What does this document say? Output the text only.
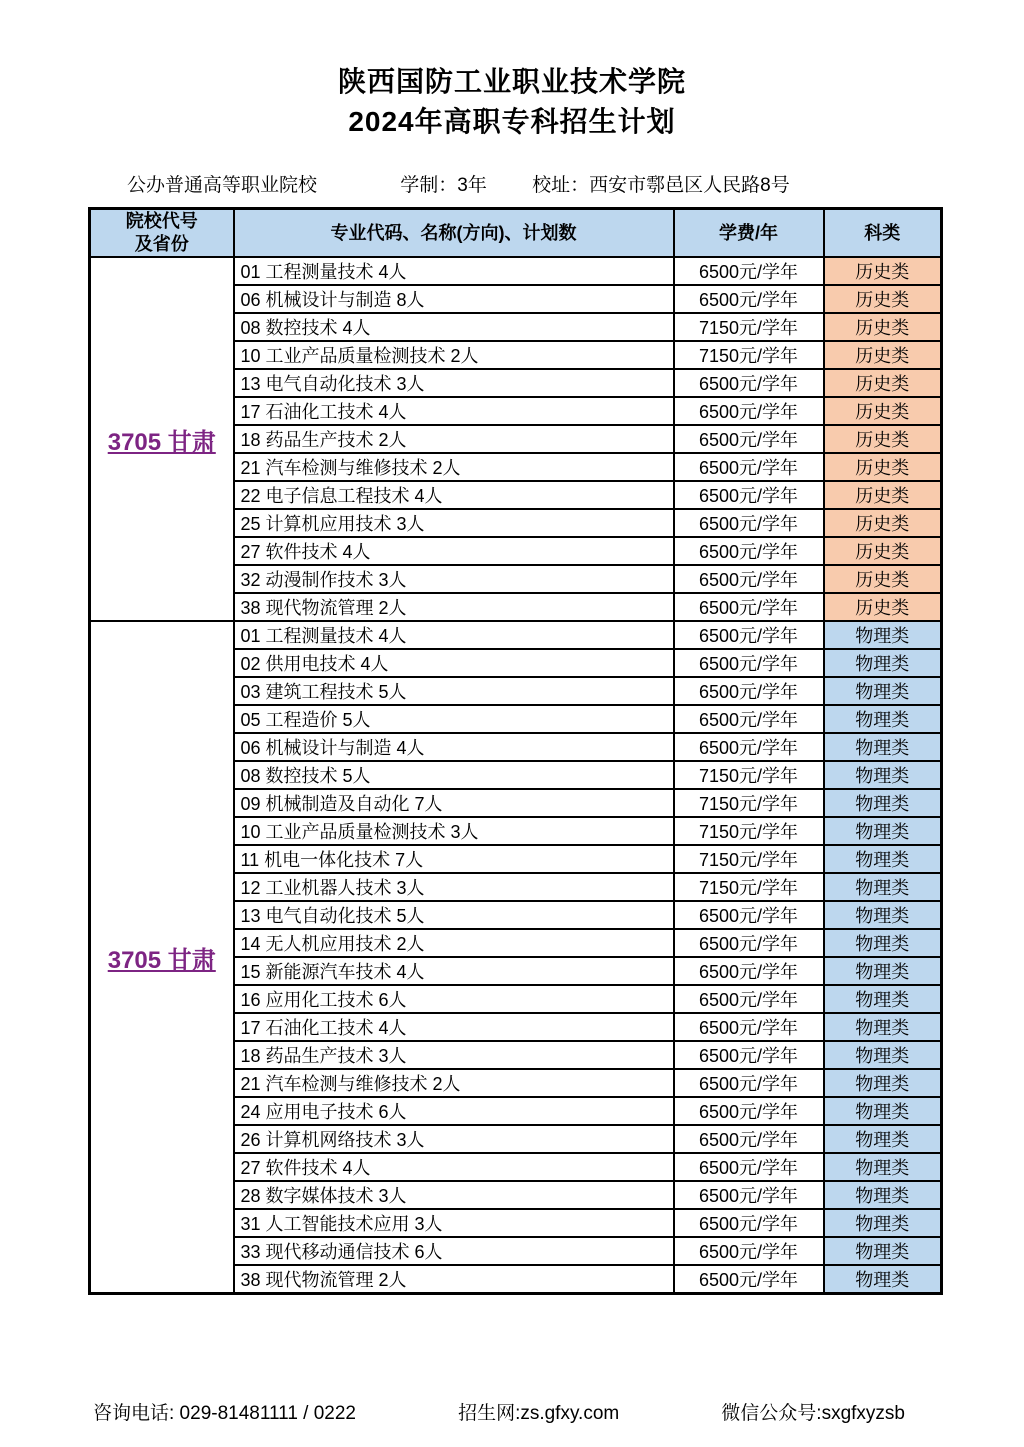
陕西国防工业职业技术学院
2024年高职专科招生计划
公办普通高等职业院校	学制：3年 校址：西安市鄠邑区人民路8号
院校代号
及省份	专业代码、名称(方向)、计划数	学费/年	科类
3705 甘肃	01 工程测量技术 4人	6500元/学年	历史类
	06 机械设计与制造 8人	6500元/学年	历史类
	08 数控技术 4人	7150元/学年	历史类
	10 工业产品质量检测技术 2人	7150元/学年	历史类
	13 电气自动化技术 3人	6500元/学年	历史类
	17 石油化工技术 4人	6500元/学年	历史类
	18 药品生产技术 2人	6500元/学年	历史类
	21 汽车检测与维修技术 2人	6500元/学年	历史类
	22 电子信息工程技术 4人	6500元/学年	历史类
	25 计算机应用技术 3人	6500元/学年	历史类
	27 软件技术 4人	6500元/学年	历史类
	32 动漫制作技术 3人	6500元/学年	历史类
	38 现代物流管理 2人	6500元/学年	历史类
3705 甘肃	01 工程测量技术 4人	6500元/学年	物理类
	02 供用电技术 4人	6500元/学年	物理类
	03 建筑工程技术 5人	6500元/学年	物理类
	05 工程造价 5人	6500元/学年	物理类
	06 机械设计与制造 4人	6500元/学年	物理类
	08 数控技术 5人	7150元/学年	物理类
	09 机械制造及自动化 7人	7150元/学年	物理类
	10 工业产品质量检测技术 3人	7150元/学年	物理类
	11 机电一体化技术 7人	7150元/学年	物理类
	12 工业机器人技术 3人	7150元/学年	物理类
	13 电气自动化技术 5人	6500元/学年	物理类
	14 无人机应用技术 2人	6500元/学年	物理类
	15 新能源汽车技术 4人	6500元/学年	物理类
	16 应用化工技术 6人	6500元/学年	物理类
	17 石油化工技术 4人	6500元/学年	物理类
	18 药品生产技术 3人	6500元/学年	物理类
	21 汽车检测与维修技术 2人	6500元/学年	物理类
	24 应用电子技术 6人	6500元/学年	物理类
	26 计算机网络技术 3人	6500元/学年	物理类
	27 软件技术 4人	6500元/学年	物理类
	28 数字媒体技术 3人	6500元/学年	物理类
	31 人工智能技术应用 3人	6500元/学年	物理类
	33 现代移动通信技术 6人	6500元/学年	物理类
	38 现代物流管理 2人	6500元/学年	物理类
咨询电话: 029-81481111 / 0222	招生网:zs.gfxy.com	微信公众号:sxgfxyzsb
